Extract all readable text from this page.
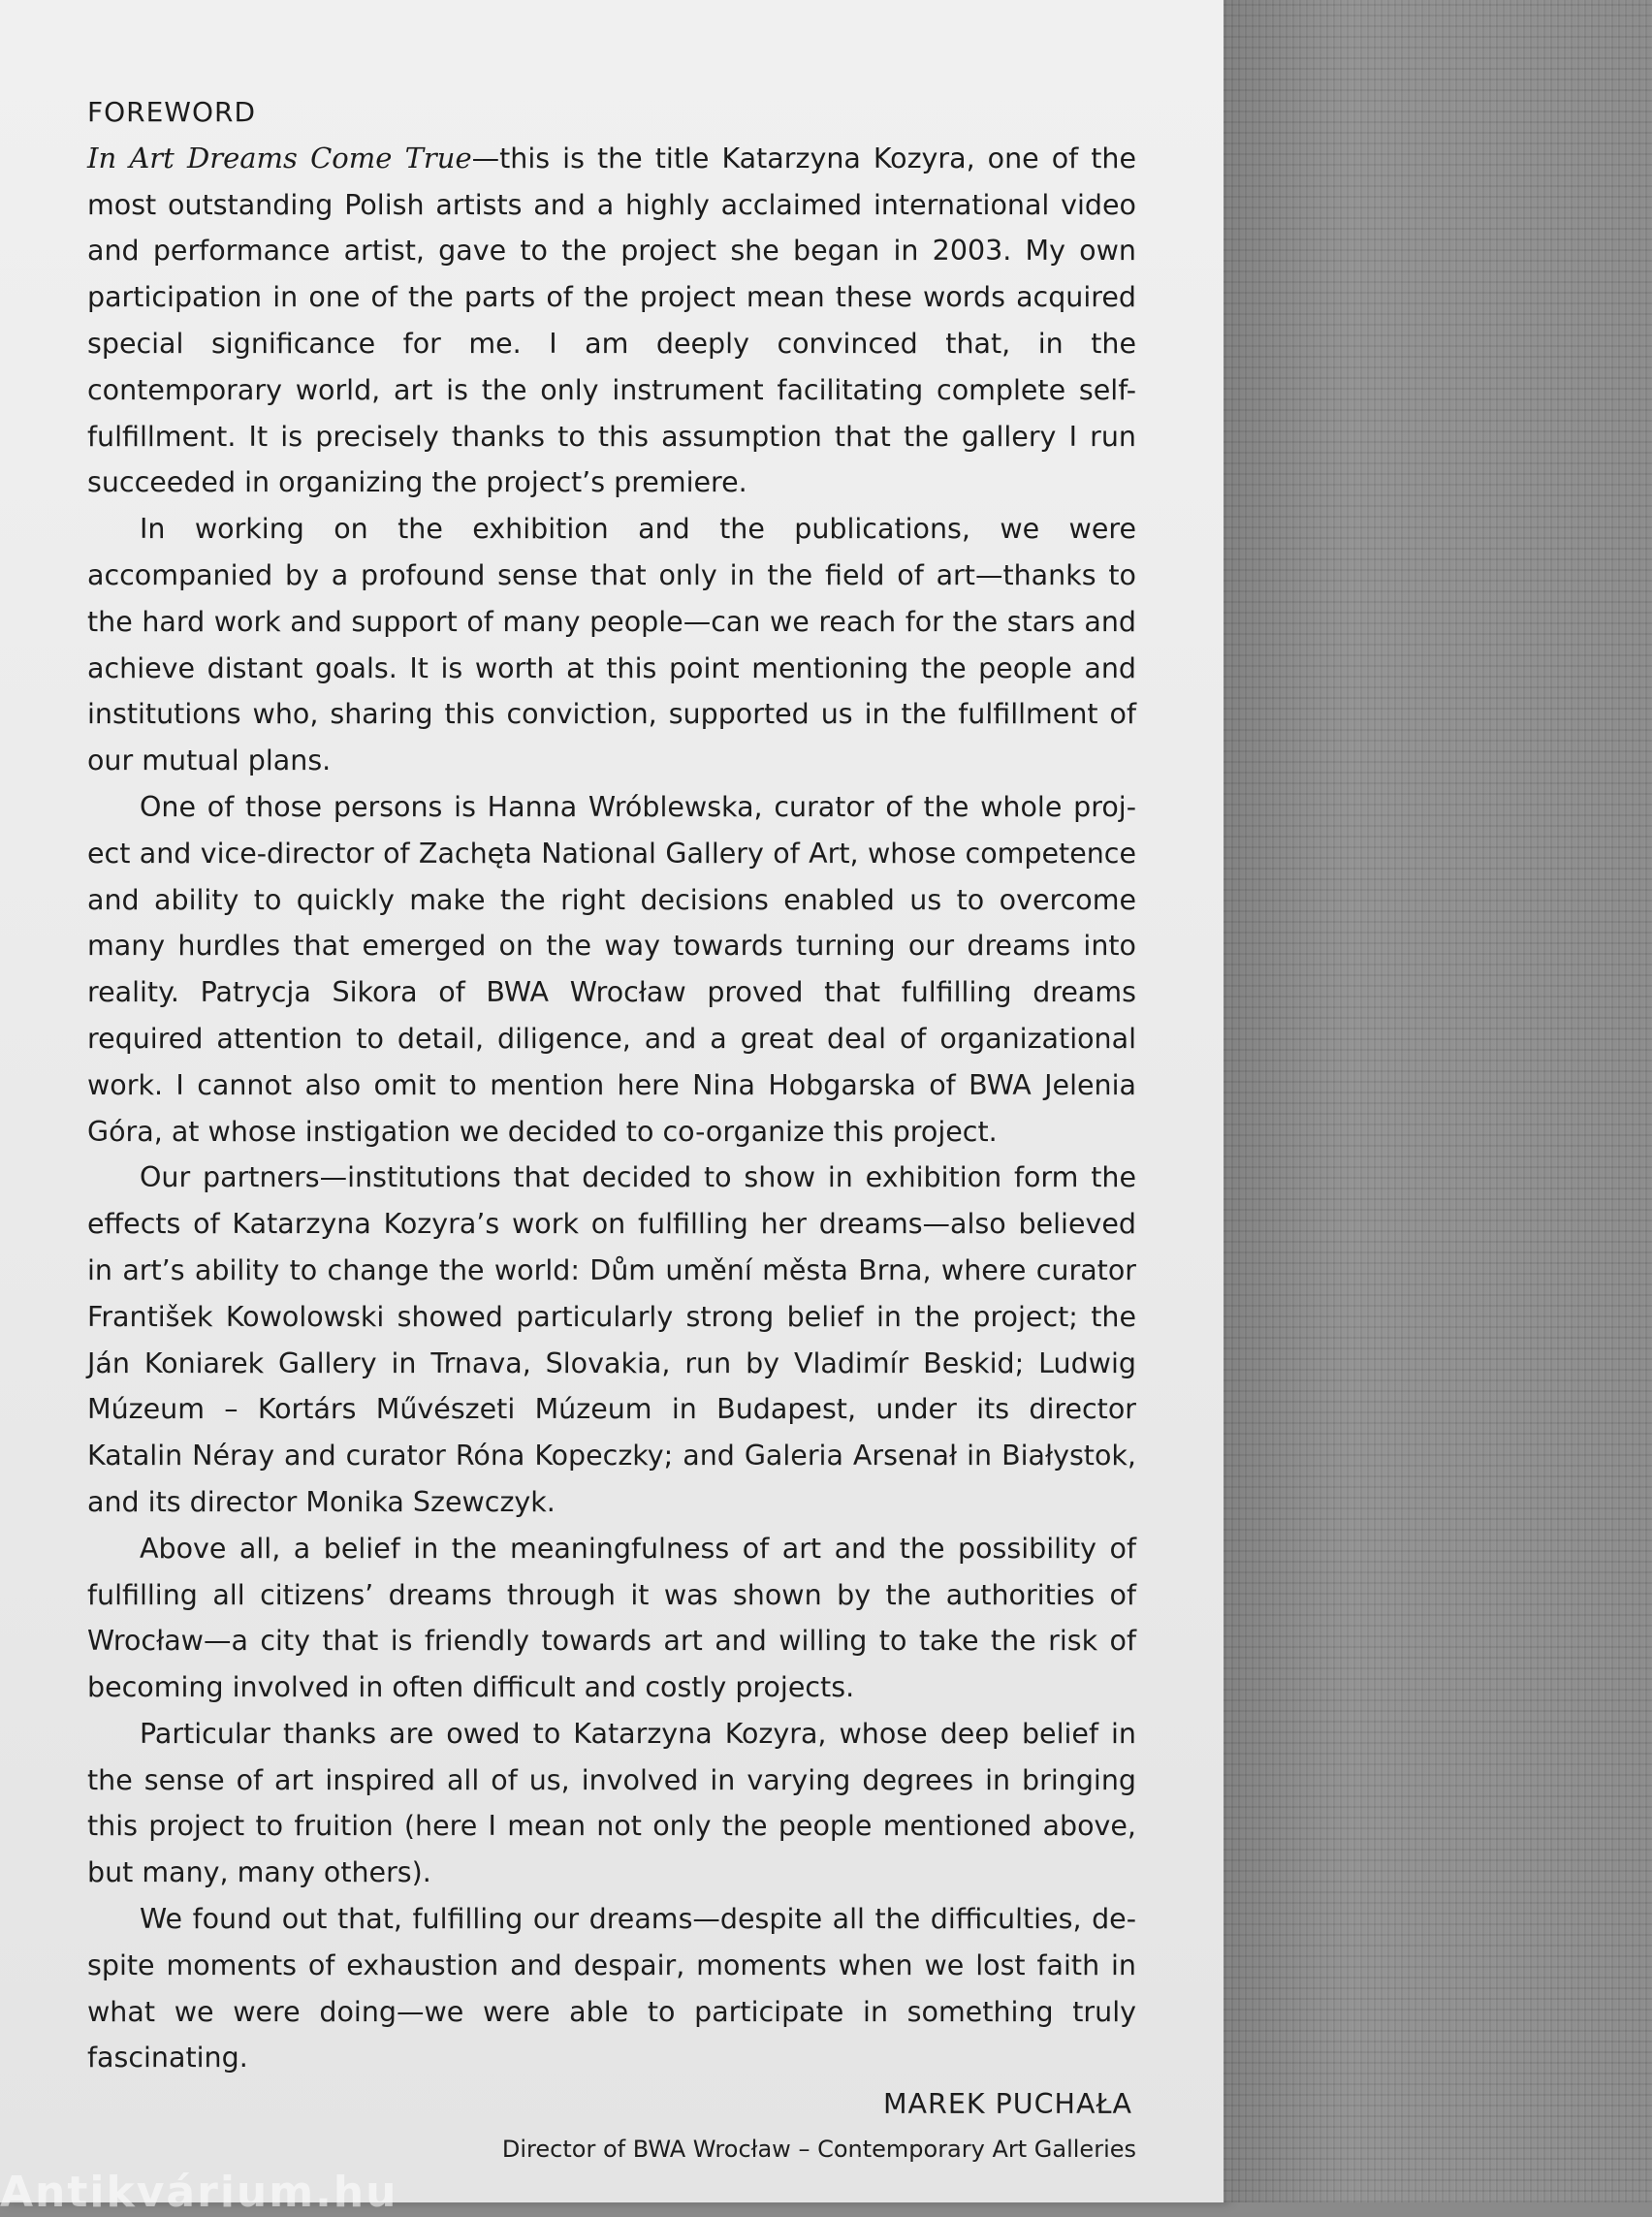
FOREWORD

In Art Dreams Come True—this is the title Katarzyna Kozyra, one of the most outstanding Polish artists and a highly acclaimed international video and performance artist, gave to the project she began in 2003. My own participation in one of the parts of the project mean these words acquired special significance for me. I am deeply convinced that, in the contemporary world, art is the only instrument facilitating complete self-fulfillment. It is precisely thanks to this assumption that the gallery I run succeeded in organizing the project’s premiere.

In working on the exhibition and the publications, we were accompanied by a profound sense that only in the field of art—thanks to the hard work and support of many people—can we reach for the stars and achieve distant goals. It is worth at this point mentioning the people and institutions who, sharing this conviction, supported us in the fulfillment of our mutual plans.

One of those persons is Hanna Wróblewska, curator of the whole project and vice-director of Zachęta National Gallery of Art, whose competence and ability to quickly make the right decisions enabled us to overcome many hurdles that emerged on the way towards turning our dreams into reality. Patrycja Sikora of BWA Wrocław proved that fulfilling dreams required attention to detail, diligence, and a great deal of organizational work. I cannot also omit to mention here Nina Hobgarska of BWA Jelenia Góra, at whose instigation we decided to co-organize this project.

Our partners—institutions that decided to show in exhibition form the effects of Katarzyna Kozyra’s work on fulfilling her dreams—also believed in art’s ability to change the world: Dům umění města Brna, where curator František Kowolowski showed particularly strong belief in the project; the Ján Koniarek Gallery in Trnava, Slovakia, run by Vladimír Beskid; Ludwig Múzeum – Kortárs Művészeti Múzeum in Budapest, under its director Katalin Néray and curator Róna Kopeczky; and Galeria Arsenał in Białystok, and its director Monika Szewczyk.

Above all, a belief in the meaningfulness of art and the possibility of fulfilling all citizens’ dreams through it was shown by the authorities of Wrocław—a city that is friendly towards art and willing to take the risk of becoming involved in often difficult and costly projects.

Particular thanks are owed to Katarzyna Kozyra, whose deep belief in the sense of art inspired all of us, involved in varying degrees in bringing this project to fruition (here I mean not only the people mentioned above, but many, many others).

We found out that, fulfilling our dreams—despite all the difficulties, despite moments of exhaustion and despair, moments when we lost faith in what we were doing—we were able to participate in something truly fascinating.

MAREK PUCHAŁA

Director of BWA Wrocław – Contemporary Art Galleries

Antikvárium.hu
